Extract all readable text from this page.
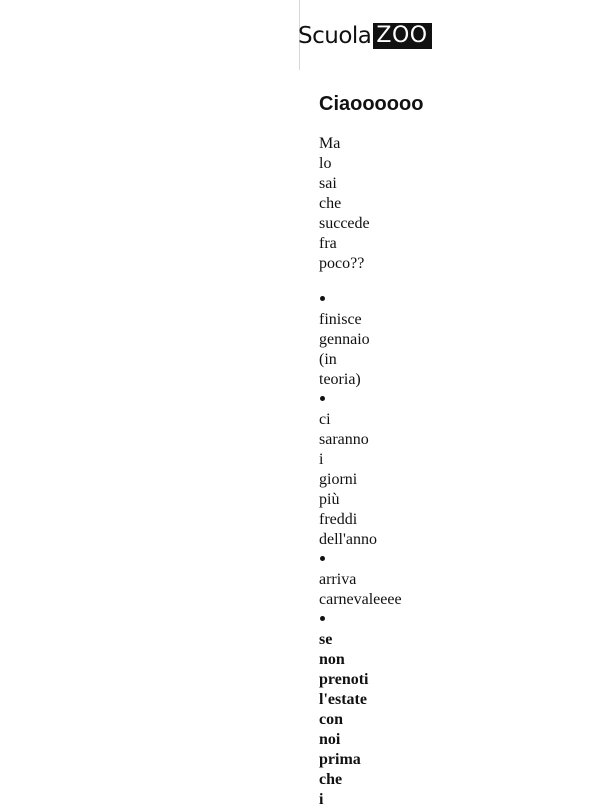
Scuola ZOO
Ciaoooooo

Ma lo sai che succede fra poco??

finisce gennaio (in teoria)
ci saranno i giorni più freddi dell'anno
arriva carnevaleeee
se non prenoti l'estate con noi prima che i
